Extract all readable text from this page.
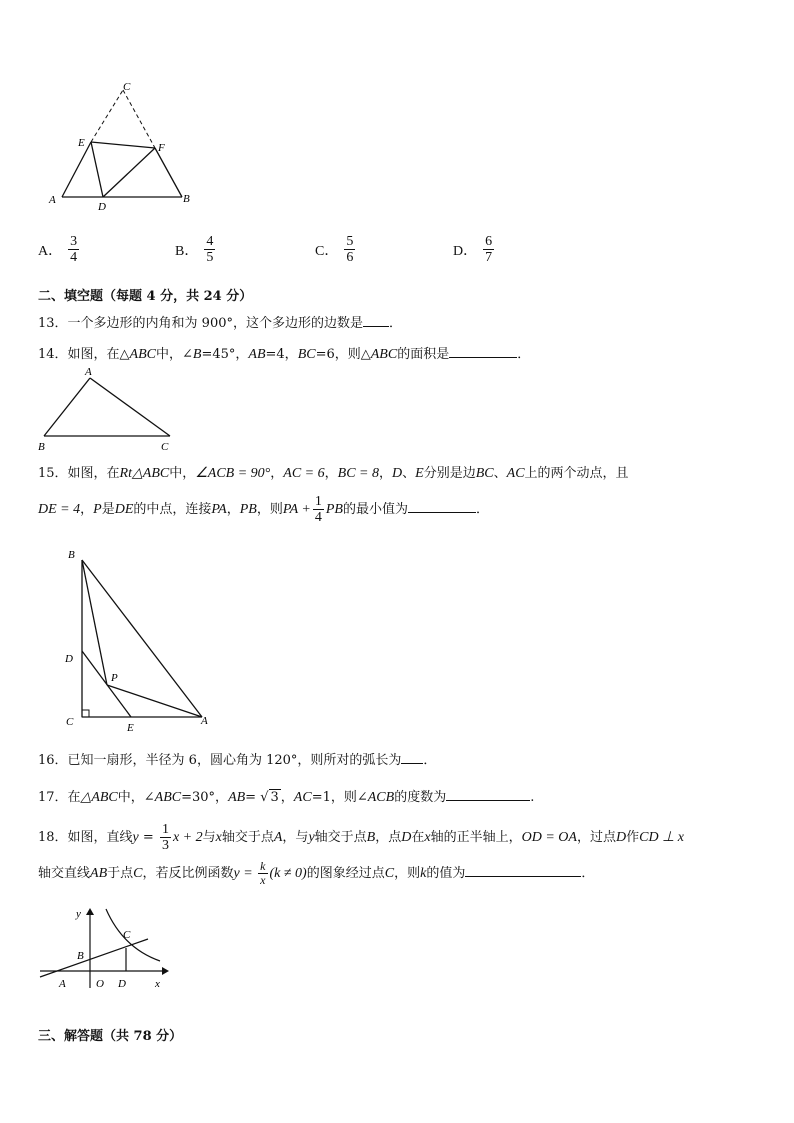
C
E	F
A
D
B
A． $\frac{3}{4}$	B． $\frac{4}{5}$	C． $\frac{5}{6}$	D． $\frac{6}{7}$
二、填空题（每题 4 分，共 24 分）
13．一个多边形的内角和为 900°，这个多边形的边数是 ．
14．如图，在△ABC中，∠B=45°，AB=4，BC=6，则△ABC的面积是	．
A
B	C
15．如图，在Rt△ABC中，∠ACB = 90°，AC = 6，BC = 8，D、E分别是边BC、AC上的两个动点，且
DE = 4，P是DE的中点，连接PA，PB，则PA + $\frac{1}{4}$ PB的最小值为	．
B
D
P
C	E
A
16．已知一扇形，半径为 6，圆心角为 120°，则所对的弧长为 ．
17．在△ABC中，∠ABC=30°，AB= √ 3 ，AC=1，则∠ACB的度数为	.
18．如图，直线$y = \frac{1}{3}$ x + 2与x轴交于点A，与y轴交于点B，点D在x轴的正半轴上，OD = OA，过点D作CD ⊥ x
轴交直线AB于点C，若反比例函数$y = \frac{k}{x} (k \ne 0)$的图象经过点C，则k的值为	．
y
C
B
A	O D	x
三、解答题（共 78 分）
